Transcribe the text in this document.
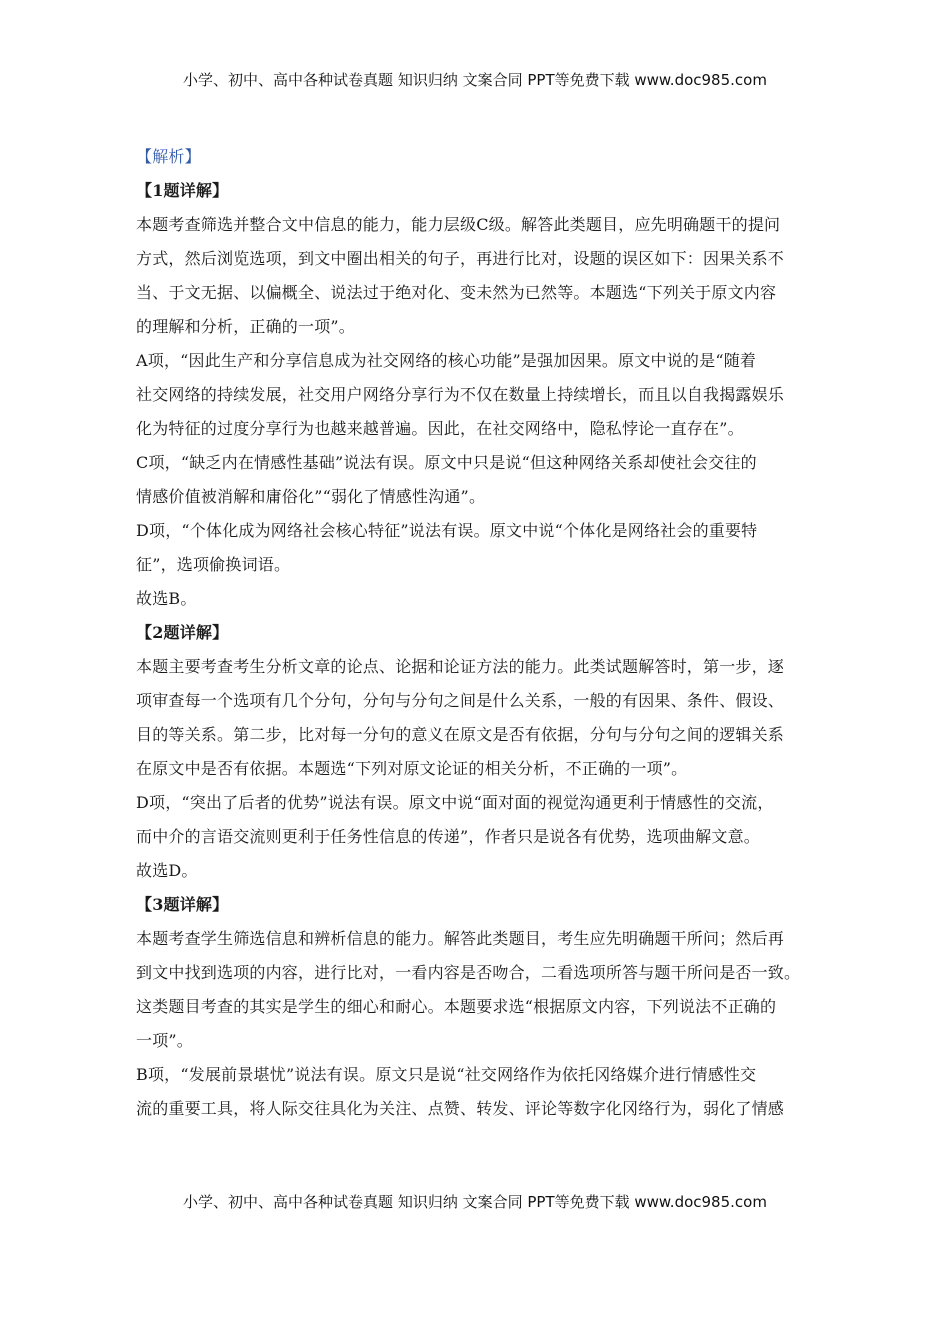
小学、初中、高中各种试卷真题 知识归纳 文案合同 PPT等免费下载 www.doc985.com
【解析】
【1题详解】
本题考查筛选并整合文中信息的能力，能力层级C级。解答此类题目，应先明确题干的提问
方式，然后浏览选项，到文中圈出相关的句子，再进行比对，设题的误区如下：因果关系不
当、于文无据、以偏概全、说法过于绝对化、变未然为已然等。本题选“下列关于原文内容
的理解和分析，正确的一项”。
A项，“因此生产和分享信息成为社交网络的核心功能”是强加因果。原文中说的是“随着
社交网络的持续发展，社交用户网络分享行为不仅在数量上持续增长，而且以自我揭露娱乐
化为特征的过度分享行为也越来越普遍。因此，在社交网络中，隐私悖论一直存在”。
C项，“缺乏内在情感性基础”说法有误。原文中只是说“但这种网络关系却使社会交往的
情感价值被消解和庸俗化”“弱化了情感性沟通”。
D项，“个体化成为网络社会核心特征”说法有误。原文中说“个体化是网络社会的重要特
征”，选项偷换词语。
故选B。
【2题详解】
本题主要考查考生分析文章的论点、论据和论证方法的能力。此类试题解答时，第一步，逐
项审查每一个选项有几个分句，分句与分句之间是什么关系，一般的有因果、条件、假设、
目的等关系。第二步，比对每一分句的意义在原文是否有依据，分句与分句之间的逻辑关系
在原文中是否有依据。本题选“下列对原文论证的相关分析，不正确的一项”。
D项，“突出了后者的优势”说法有误。原文中说“面对面的视觉沟通更利于情感性的交流，
而中介的言语交流则更利于任务性信息的传递”，作者只是说各有优势，选项曲解文意。
故选D。
【3题详解】
本题考查学生筛选信息和辨析信息的能力。解答此类题目，考生应先明确题干所问；然后再
到文中找到选项的内容，进行比对，一看内容是否吻合，二看选项所答与题干所问是否一致。
这类题目考查的其实是学生的细心和耐心。本题要求选“根据原文内容，下列说法不正确的
一项”。
B项，“发展前景堪忧”说法有误。原文只是说“社交网络作为依托冈络媒介进行情感性交
流的重要工具，将人际交往具化为关注、点赞、转发、评论等数字化冈络行为，弱化了情感
小学、初中、高中各种试卷真题 知识归纳 文案合同 PPT等免费下载 www.doc985.com
